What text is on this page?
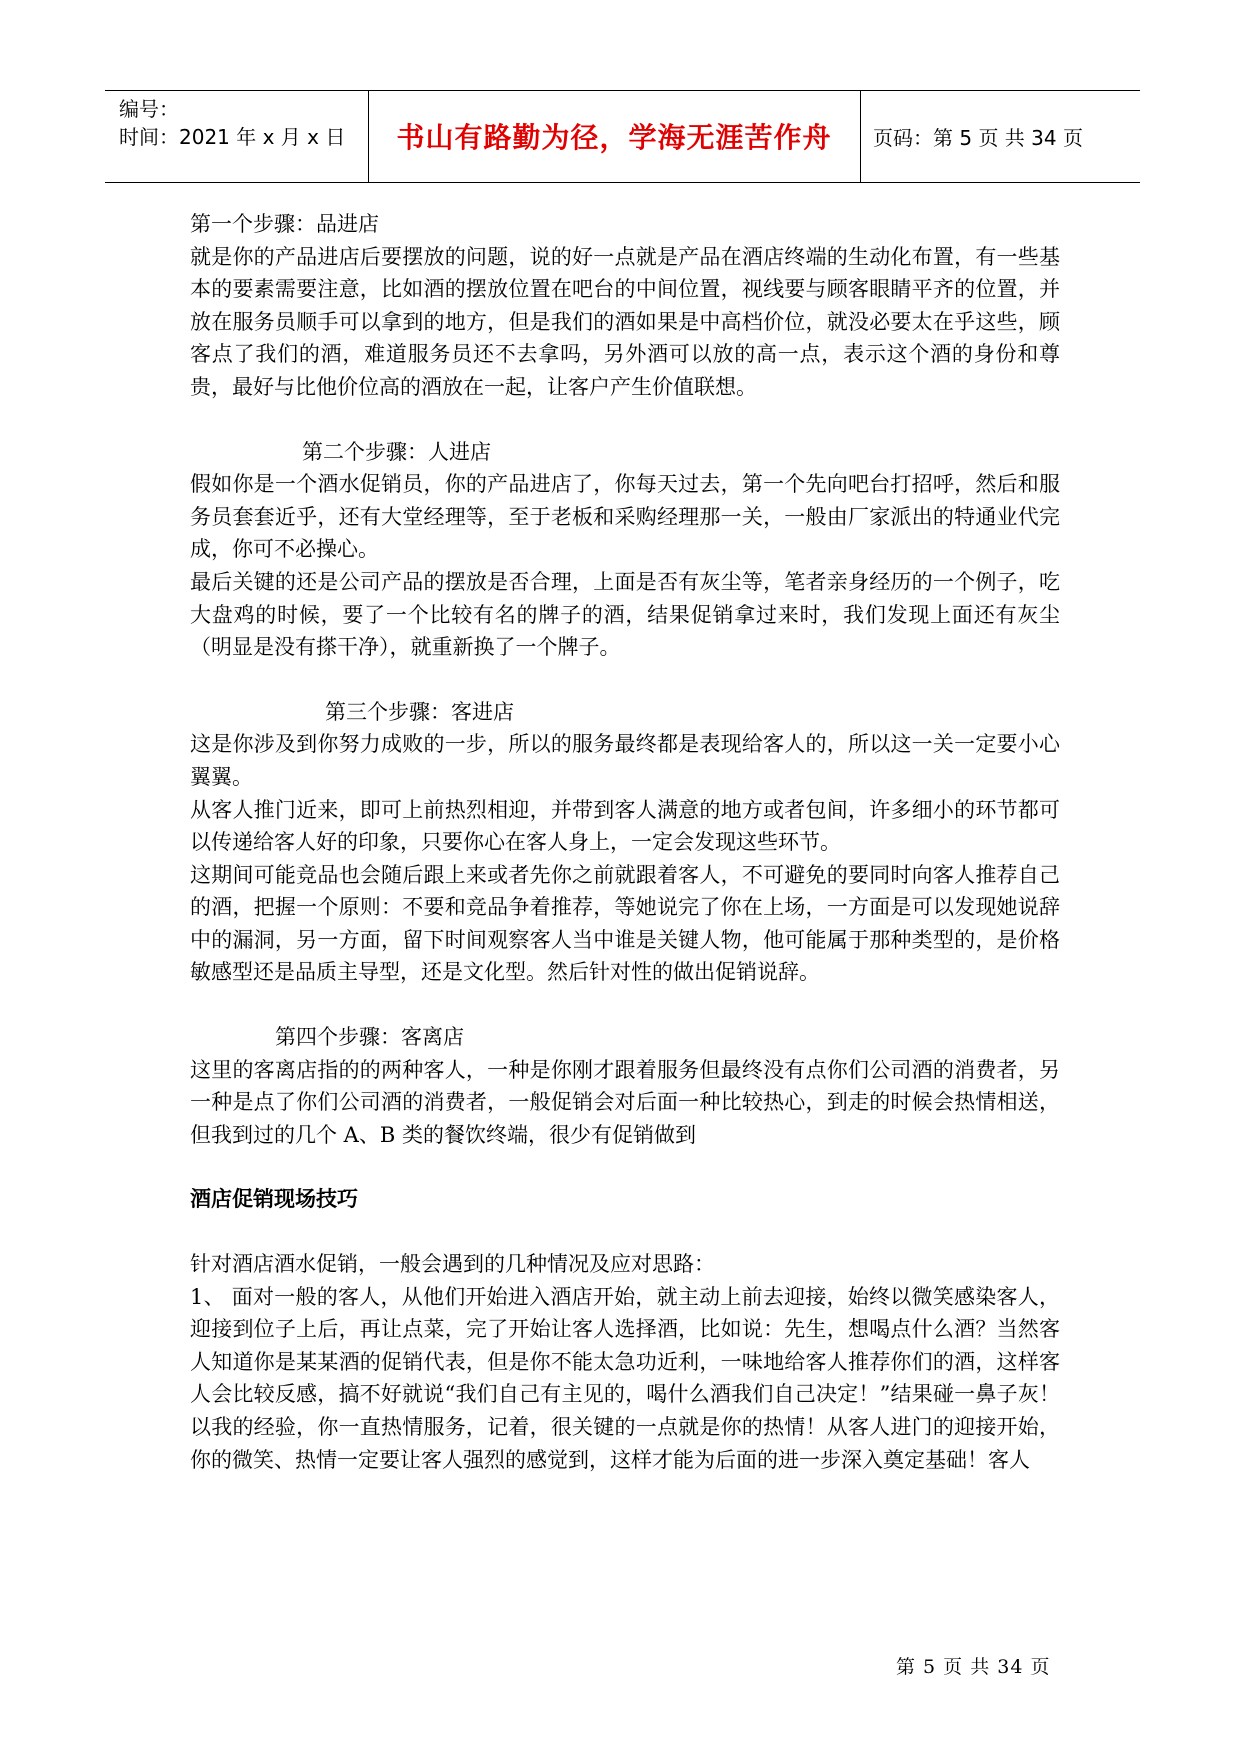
编号：
时间：2021 年 x 月 x 日	书山有路勤为径，学海无涯苦作舟	页码：第 5 页 共 34 页

第一个步骤：品进店

就是你的产品进店后要摆放的问题，说的好一点就是产品在酒店终端的生动化布置，有一些基本的要素需要注意，比如酒的摆放位置在吧台的中间位置，视线要与顾客眼睛平齐的位置，并放在服务员顺手可以拿到的地方，但是我们的酒如果是中高档价位，就没必要太在乎这些，顾客点了我们的酒，难道服务员还不去拿吗，另外酒可以放的高一点，表示这个酒的身份和尊贵，最好与比他价位高的酒放在一起，让客户产生价值联想。

第二个步骤：人进店

假如你是一个酒水促销员，你的产品进店了，你每天过去，第一个先向吧台打招呼，然后和服务员套套近乎，还有大堂经理等，至于老板和采购经理那一关，一般由厂家派出的特通业代完成，你可不必操心。

最后关键的还是公司产品的摆放是否合理，上面是否有灰尘等，笔者亲身经历的一个例子，吃大盘鸡的时候，要了一个比较有名的牌子的酒，结果促销拿过来时，我们发现上面还有灰尘（明显是没有搽干净），就重新换了一个牌子。

第三个步骤：客进店

这是你涉及到你努力成败的一步，所以的服务最终都是表现给客人的，所以这一关一定要小心翼翼。

从客人推门近来，即可上前热烈相迎，并带到客人满意的地方或者包间，许多细小的环节都可以传递给客人好的印象，只要你心在客人身上，一定会发现这些环节。

这期间可能竞品也会随后跟上来或者先你之前就跟着客人，不可避免的要同时向客人推荐自己的酒，把握一个原则：不要和竞品争着推荐，等她说完了你在上场，一方面是可以发现她说辞中的漏洞，另一方面，留下时间观察客人当中谁是关键人物，他可能属于那种类型的，是价格敏感型还是品质主导型，还是文化型。然后针对性的做出促销说辞。

第四个步骤：客离店

这里的客离店指的的两种客人，一种是你刚才跟着服务但最终没有点你们公司酒的消费者，另一种是点了你们公司酒的消费者，一般促销会对后面一种比较热心，到走的时候会热情相送，但我到过的几个 A、B 类的餐饮终端，很少有促销做到

酒店促销现场技巧

针对酒店酒水促销，一般会遇到的几种情况及应对思路：

1、 面对一般的客人，从他们开始进入酒店开始，就主动上前去迎接，始终以微笑感染客人，迎接到位子上后，再让点菜，完了开始让客人选择酒，比如说：先生，想喝点什么酒？当然客人知道你是某某酒的促销代表，但是你不能太急功近利，一味地给客人推荐你们的酒，这样客人会比较反感，搞不好就说“我们自己有主见的，喝什么酒我们自己决定！”结果碰一鼻子灰！以我的经验，你一直热情服务，记着，很关键的一点就是你的热情！从客人进门的迎接开始，你的微笑、热情一定要让客人强烈的感觉到，这样才能为后面的进一步深入奠定基础！客人

第 5 页 共 34 页
